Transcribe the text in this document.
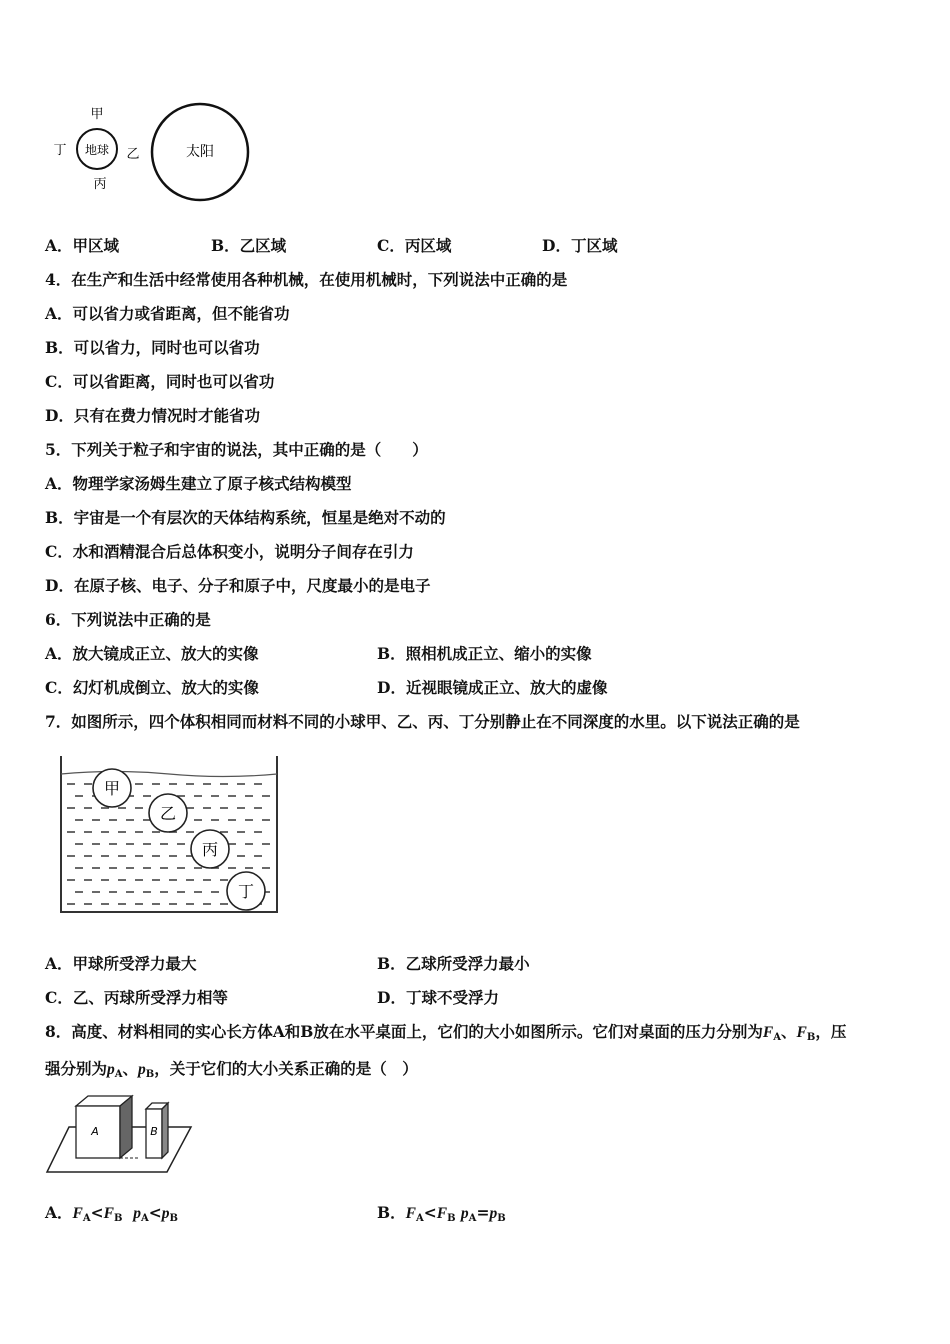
甲
丁 地球 乙
丙
太阳
A．甲区域	B．乙区域	C．丙区域	D．丁区域
4．在生产和生活中经常使用各种机械，在使用机械时，下列说法中正确的是
A．可以省力或省距离，但不能省功
B．可以省力，同时也可以省功
C．可以省距离，同时也可以省功
D．只有在费力情况时才能省功
5．下列关于粒子和宇宙的说法，其中正确的是（　　）
A．物理学家汤姆生建立了原子核式结构模型
B．宇宙是一个有层次的天体结构系统，恒星是绝对不动的
C．水和酒精混合后总体积变小，说明分子间存在引力
D．在原子核、电子、分子和原子中，尺度最小的是电子
6．下列说法中正确的是
A．放大镜成正立、放大的实像	B．照相机成正立、缩小的实像
C．幻灯机成倒立、放大的实像	D．近视眼镜成正立、放大的虚像
7．如图所示，四个体积相同而材料不同的小球甲、乙、丙、丁分别静止在不同深度的水里。以下说法正确的是
甲
乙
丙
丁
A．甲球所受浮力最大	B．乙球所受浮力最小
C．乙、丙球所受浮力相等	D．丁球不受浮力
8．高度、材料相同的实心长方体A和B放在水平桌面上，它们的大小如图所示。它们对桌面的压力分别为$F_A$、$F_B$，压
强分别为$p_A$、$p_B$，关于它们的大小关系正确的是（　）
A	B
A．$F_A<F_B$ $p_A<p_B$	B．$F_A<F_B$ $p_A=p_B$
